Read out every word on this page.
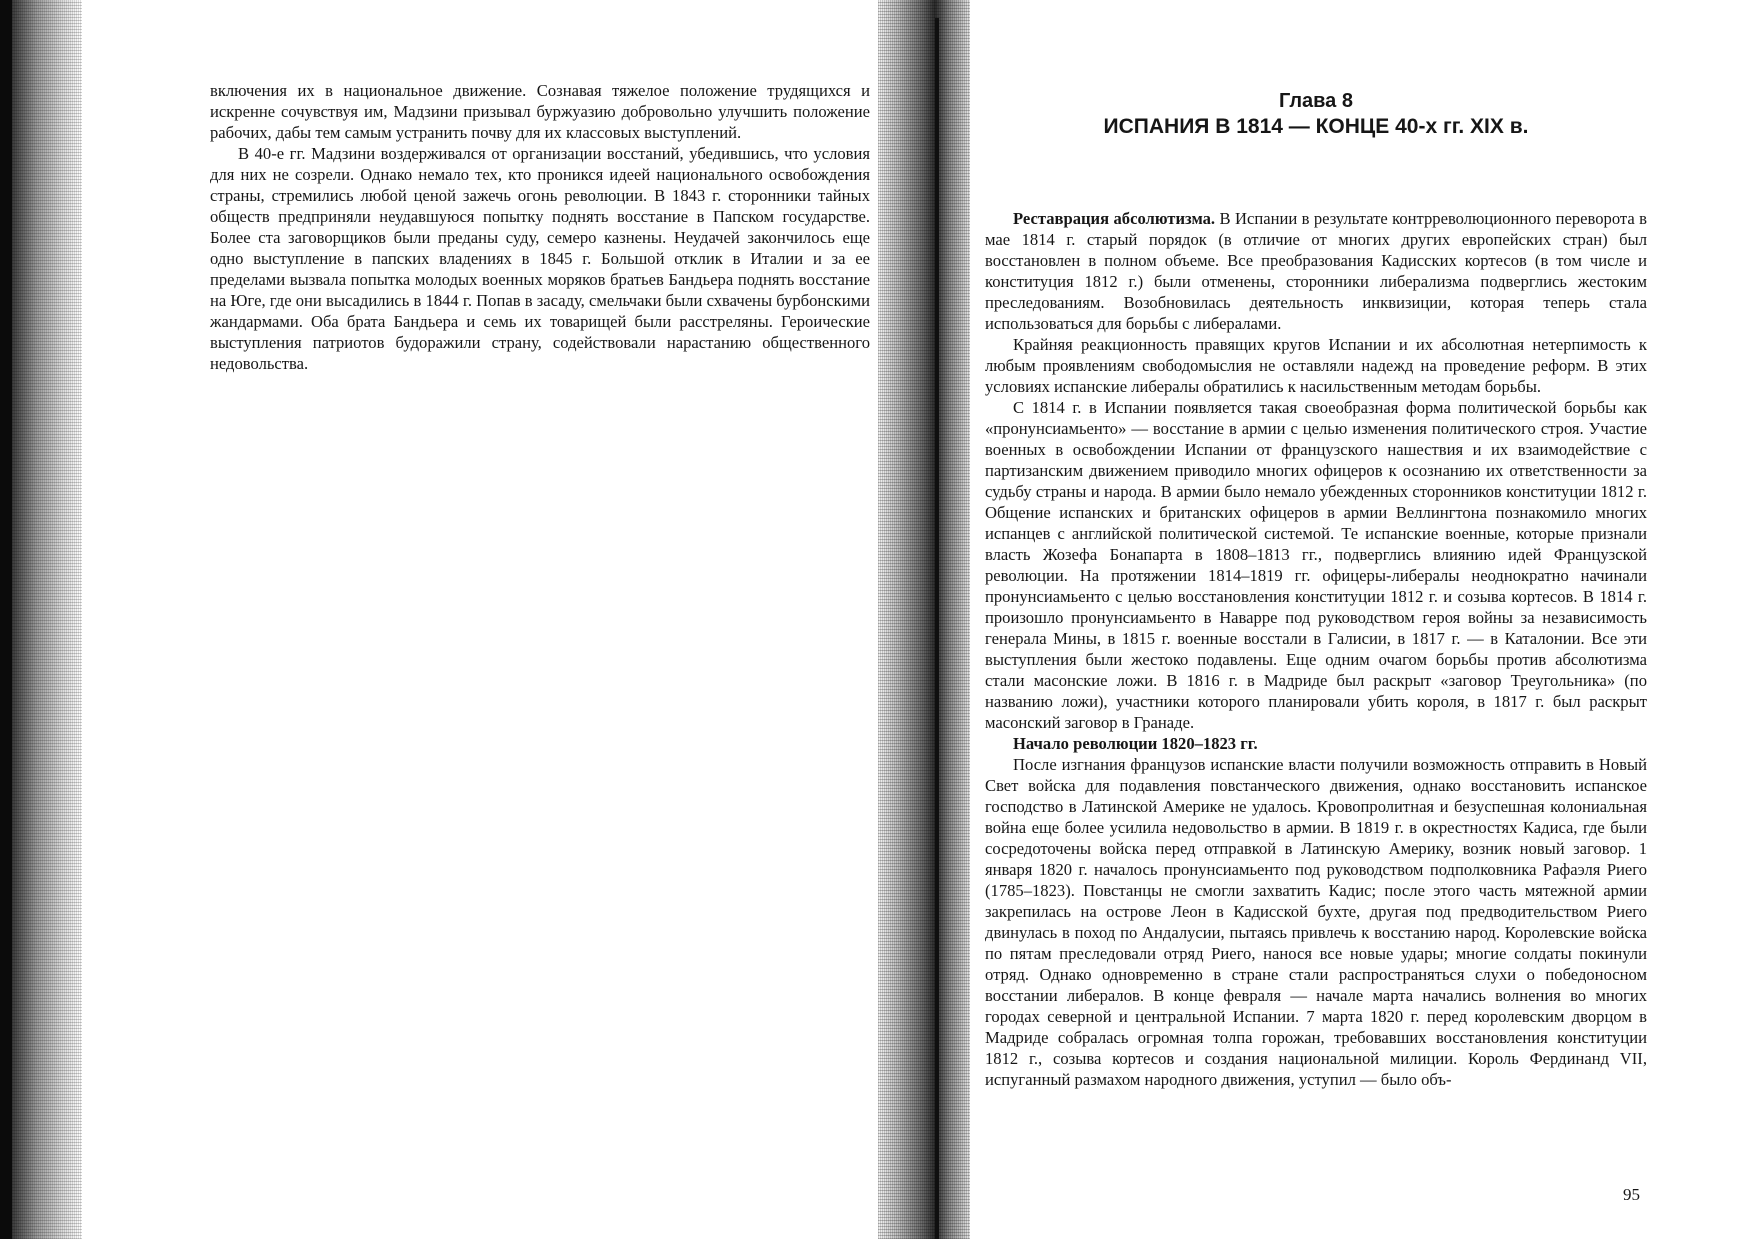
включения их в национальное движение. Сознавая тяжелое положение трудящихся и искренне сочувствуя им, Мадзини призывал буржуазию добровольно улучшить положение рабочих, дабы тем самым устранить почву для их классовых выступлений.

В 40-е гг. Мадзини воздерживался от организации восстаний, убедившись, что условия для них не созрели. Однако немало тех, кто проникся идеей национального освобождения страны, стремились любой ценой зажечь огонь революции. В 1843 г. сторонники тайных обществ предприняли неудавшуюся попытку поднять восстание в Папском государстве. Более ста заговорщиков были преданы суду, семеро казнены. Неудачей закончилось еще одно выступление в папских владениях в 1845 г. Большой отклик в Италии и за ее пределами вызвала попытка молодых военных моряков братьев Бандьера поднять восстание на Юге, где они высадились в 1844 г. Попав в засаду, смельчаки были схвачены бурбонскими жандармами. Оба брата Бандьера и семь их товарищей были расстреляны. Героические выступления патриотов будоражили страну, содействовали нарастанию общественного недовольства.

Глава 8

ИСПАНИЯ В 1814 — КОНЦЕ 40-х гг. XIX в.

Реставрация абсолютизма. В Испании в результате контрреволюционного переворота в мае 1814 г. старый порядок (в отличие от многих других европейских стран) был восстановлен в полном объеме. Все преобразования Кадисских кортесов (в том числе и конституция 1812 г.) были отменены, сторонники либерализма подверглись жестоким преследованиям. Возобновилась деятельность инквизиции, которая теперь стала использоваться для борьбы с либералами.

Крайняя реакционность правящих кругов Испании и их абсолютная нетерпимость к любым проявлениям свободомыслия не оставляли надежд на проведение реформ. В этих условиях испанские либералы обратились к насильственным методам борьбы.

С 1814 г. в Испании появляется такая своеобразная форма политической борьбы как «пронунсиамьенто» — восстание в армии с целью изменения политического строя. Участие военных в освобождении Испании от французского нашествия и их взаимодействие с партизанским движением приводило многих офицеров к осознанию их ответственности за судьбу страны и народа. В армии было немало убежденных сторонников конституции 1812 г. Общение испанских и британских офицеров в армии Веллингтона познакомило многих испанцев с английской политической системой. Те испанские военные, которые признали власть Жозефа Бонапарта в 1808–1813 гг., подверглись влиянию идей Французской революции. На протяжении 1814–1819 гг. офицеры-либералы неоднократно начинали пронунсиамьенто с целью восстановления конституции 1812 г. и созыва кортесов. В 1814 г. произошло пронунсиамьенто в Наварре под руководством героя войны за независимость генерала Мины, в 1815 г. военные восстали в Галисии, в 1817 г. — в Каталонии. Все эти выступления были жестоко подавлены. Еще одним очагом борьбы против абсолютизма стали масонские ложи. В 1816 г. в Мадриде был раскрыт «заговор Треугольника» (по названию ложи), участники которого планировали убить короля, в 1817 г. был раскрыт масонский заговор в Гранаде.

Начало революции 1820–1823 гг.

После изгнания французов испанские власти получили возможность отправить в Новый Свет войска для подавления повстанческого движения, однако восстановить испанское господство в Латинской Америке не удалось. Кровопролитная и безуспешная колониальная война еще более усилила недовольство в армии. В 1819 г. в окрестностях Кадиса, где были сосредоточены войска перед отправкой в Латинскую Америку, возник новый заговор. 1 января 1820 г. началось пронунсиамьенто под руководством подполковника Рафаэля Риего (1785–1823). Повстанцы не смогли захватить Кадис; после этого часть мятежной армии закрепилась на острове Леон в Кадисской бухте, другая под предводительством Риего двинулась в поход по Андалусии, пытаясь привлечь к восстанию народ. Королевские войска по пятам преследовали отряд Риего, нанося все новые удары; многие солдаты покинули отряд. Однако одновременно в стране стали распространяться слухи о победоносном восстании либералов. В конце февраля — начале марта начались волнения во многих городах северной и центральной Испании. 7 марта 1820 г. перед королевским дворцом в Мадриде собралась огромная толпа горожан, требовавших восстановления конституции 1812 г., созыва кортесов и создания национальной милиции. Король Фердинанд VII, испуганный размахом народного движения, уступил — было объ-

95
